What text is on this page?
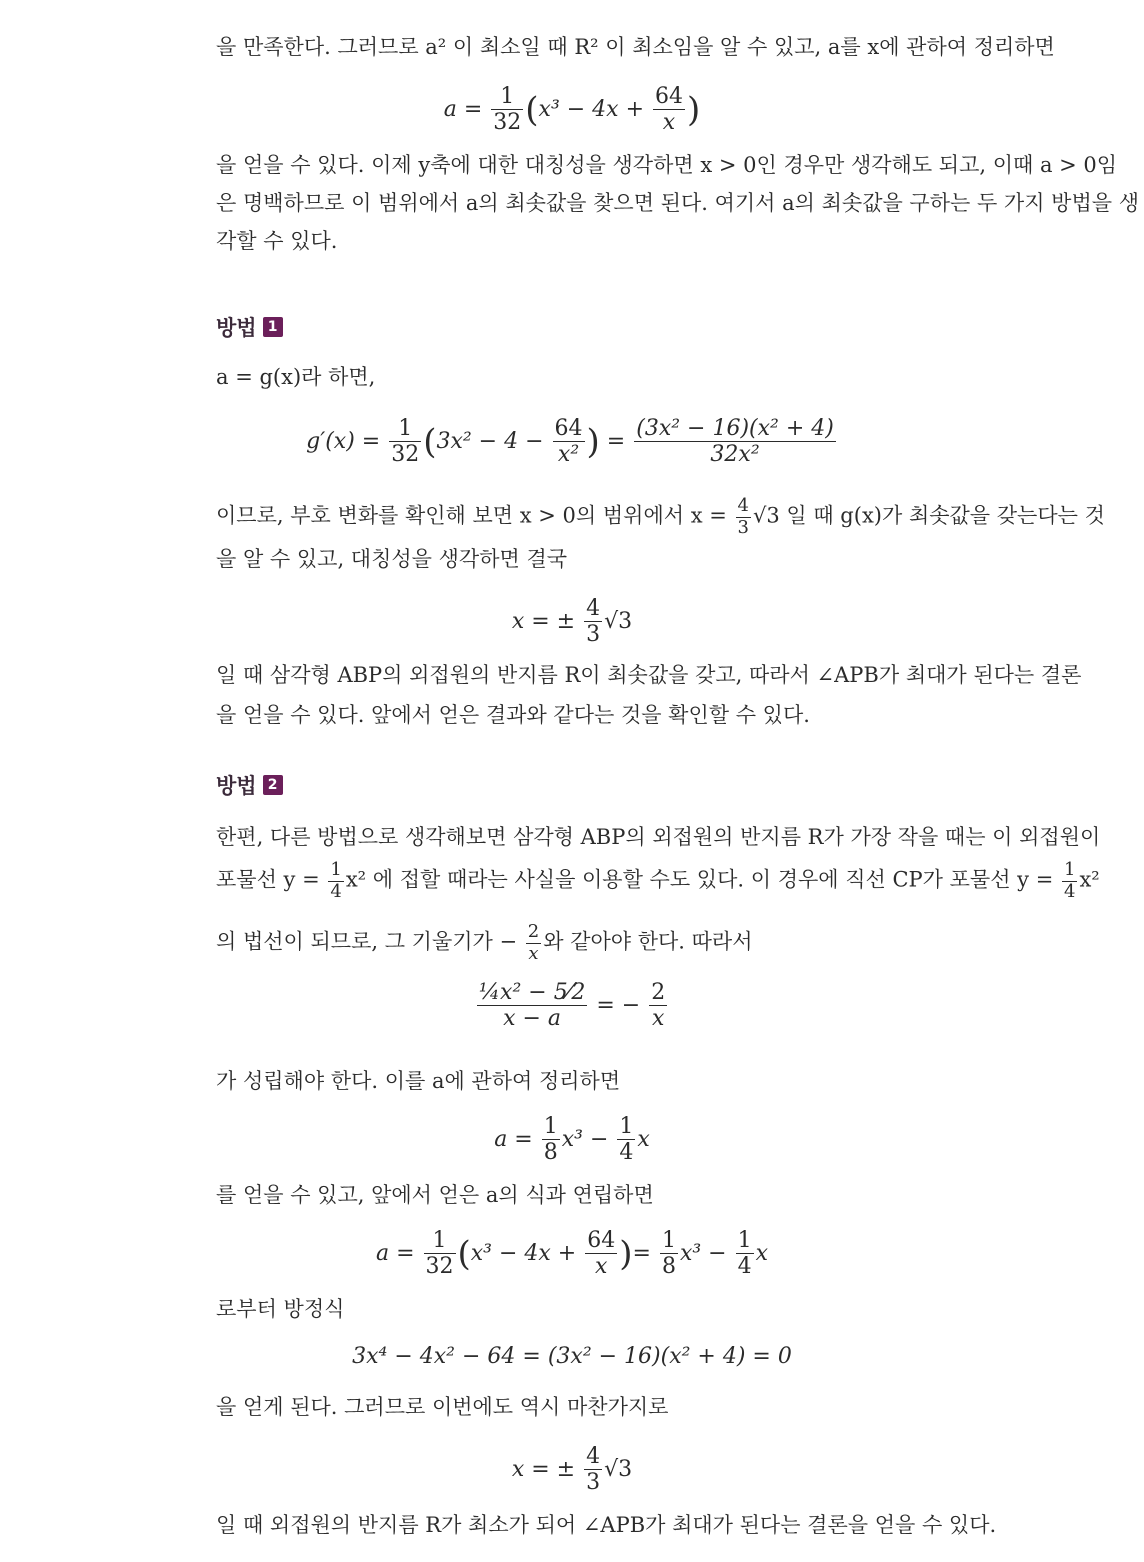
을 만족한다. 그러므로 a² 이 최소일 때 R² 이 최소임을 알 수 있고, a를 x에 관하여 정리하면

$a = \frac{1}{32} (x^3 - 4x + \frac{64}{x}$ )

을 얻을 수 있다. 이제 y축에 대한 대칭성을 생각하면 x > 0인 경우만 생각해도 되고, 이때 a > 0임

은 명백하므로 이 범위에서 a의 최솟값을 찾으면 된다. 여기서 a의 최솟값을 구하는 두 가지 방법을 생

각할 수 있다.

방법 1

a = g(x)라 하면,

$g'(x) = \frac{1}{32} (3x^2 - 4 - \frac{64}{\text{x²}}$ ) = $\frac{\text{(3x² − 16)(x² + 4)}}{\text{32x²}}$
이므로, 부호 변화를 확인해 보면 x > 0의 범위에서 $x = \frac{4}{3} √3$ 일 때 g(x)가 최솟값을 갖는다는 것

을 알 수 있고, 대칭성을 생각하면 결국

x = ± $\frac{4}{3} √3$

일 때 삼각형 ABP의 외접원의 반지름 R이 최솟값을 갖고, 따라서 ∠APB가 최대가 된다는 결론

을 얻을 수 있다. 앞에서 얻은 결과와 같다는 것을 확인할 수 있다.

방법 2

한편, 다른 방법으로 생각해보면 삼각형 ABP의 외접원의 반지름 R가 가장 작을 때는 이 외접원이

포물선 $y = \frac{1}{4} x^2$ 에 접할 때라는 사실을 이용할 수도 있다. 이 경우에 직선 CP가 포물선 $y = \frac{1}{4} x^2$
의 법선이 되므로, 그 기울기가 − $\frac{2}{x}$ 와 같아야 한다. 따라서
$\frac{\text{¼x² − 5⁄2}}{x - a}$ = − $\frac{2}{x}$

가 성립해야 한다. 이를 a에 관하여 정리하면

$a = \frac{1}{8} x^3 - \frac{1}{4}$ x

를 얻을 수 있고, 앞에서 얻은 a의 식과 연립하면

$a = \frac{1}{32} (x^3 - 4x + \frac{64}{x}$ )= $\frac{1}{8} x^3 - \frac{1}{4}$ x

로부터 방정식

3x⁴ − 4x² − 64 = (3x² − 16)(x² + 4) = 0

을 얻게 된다. 그러므로 이번에도 역시 마찬가지로

x = ± $\frac{4}{3} √3$

일 때 외접원의 반지름 R가 최소가 되어 ∠APB가 최대가 된다는 결론을 얻을 수 있다.
